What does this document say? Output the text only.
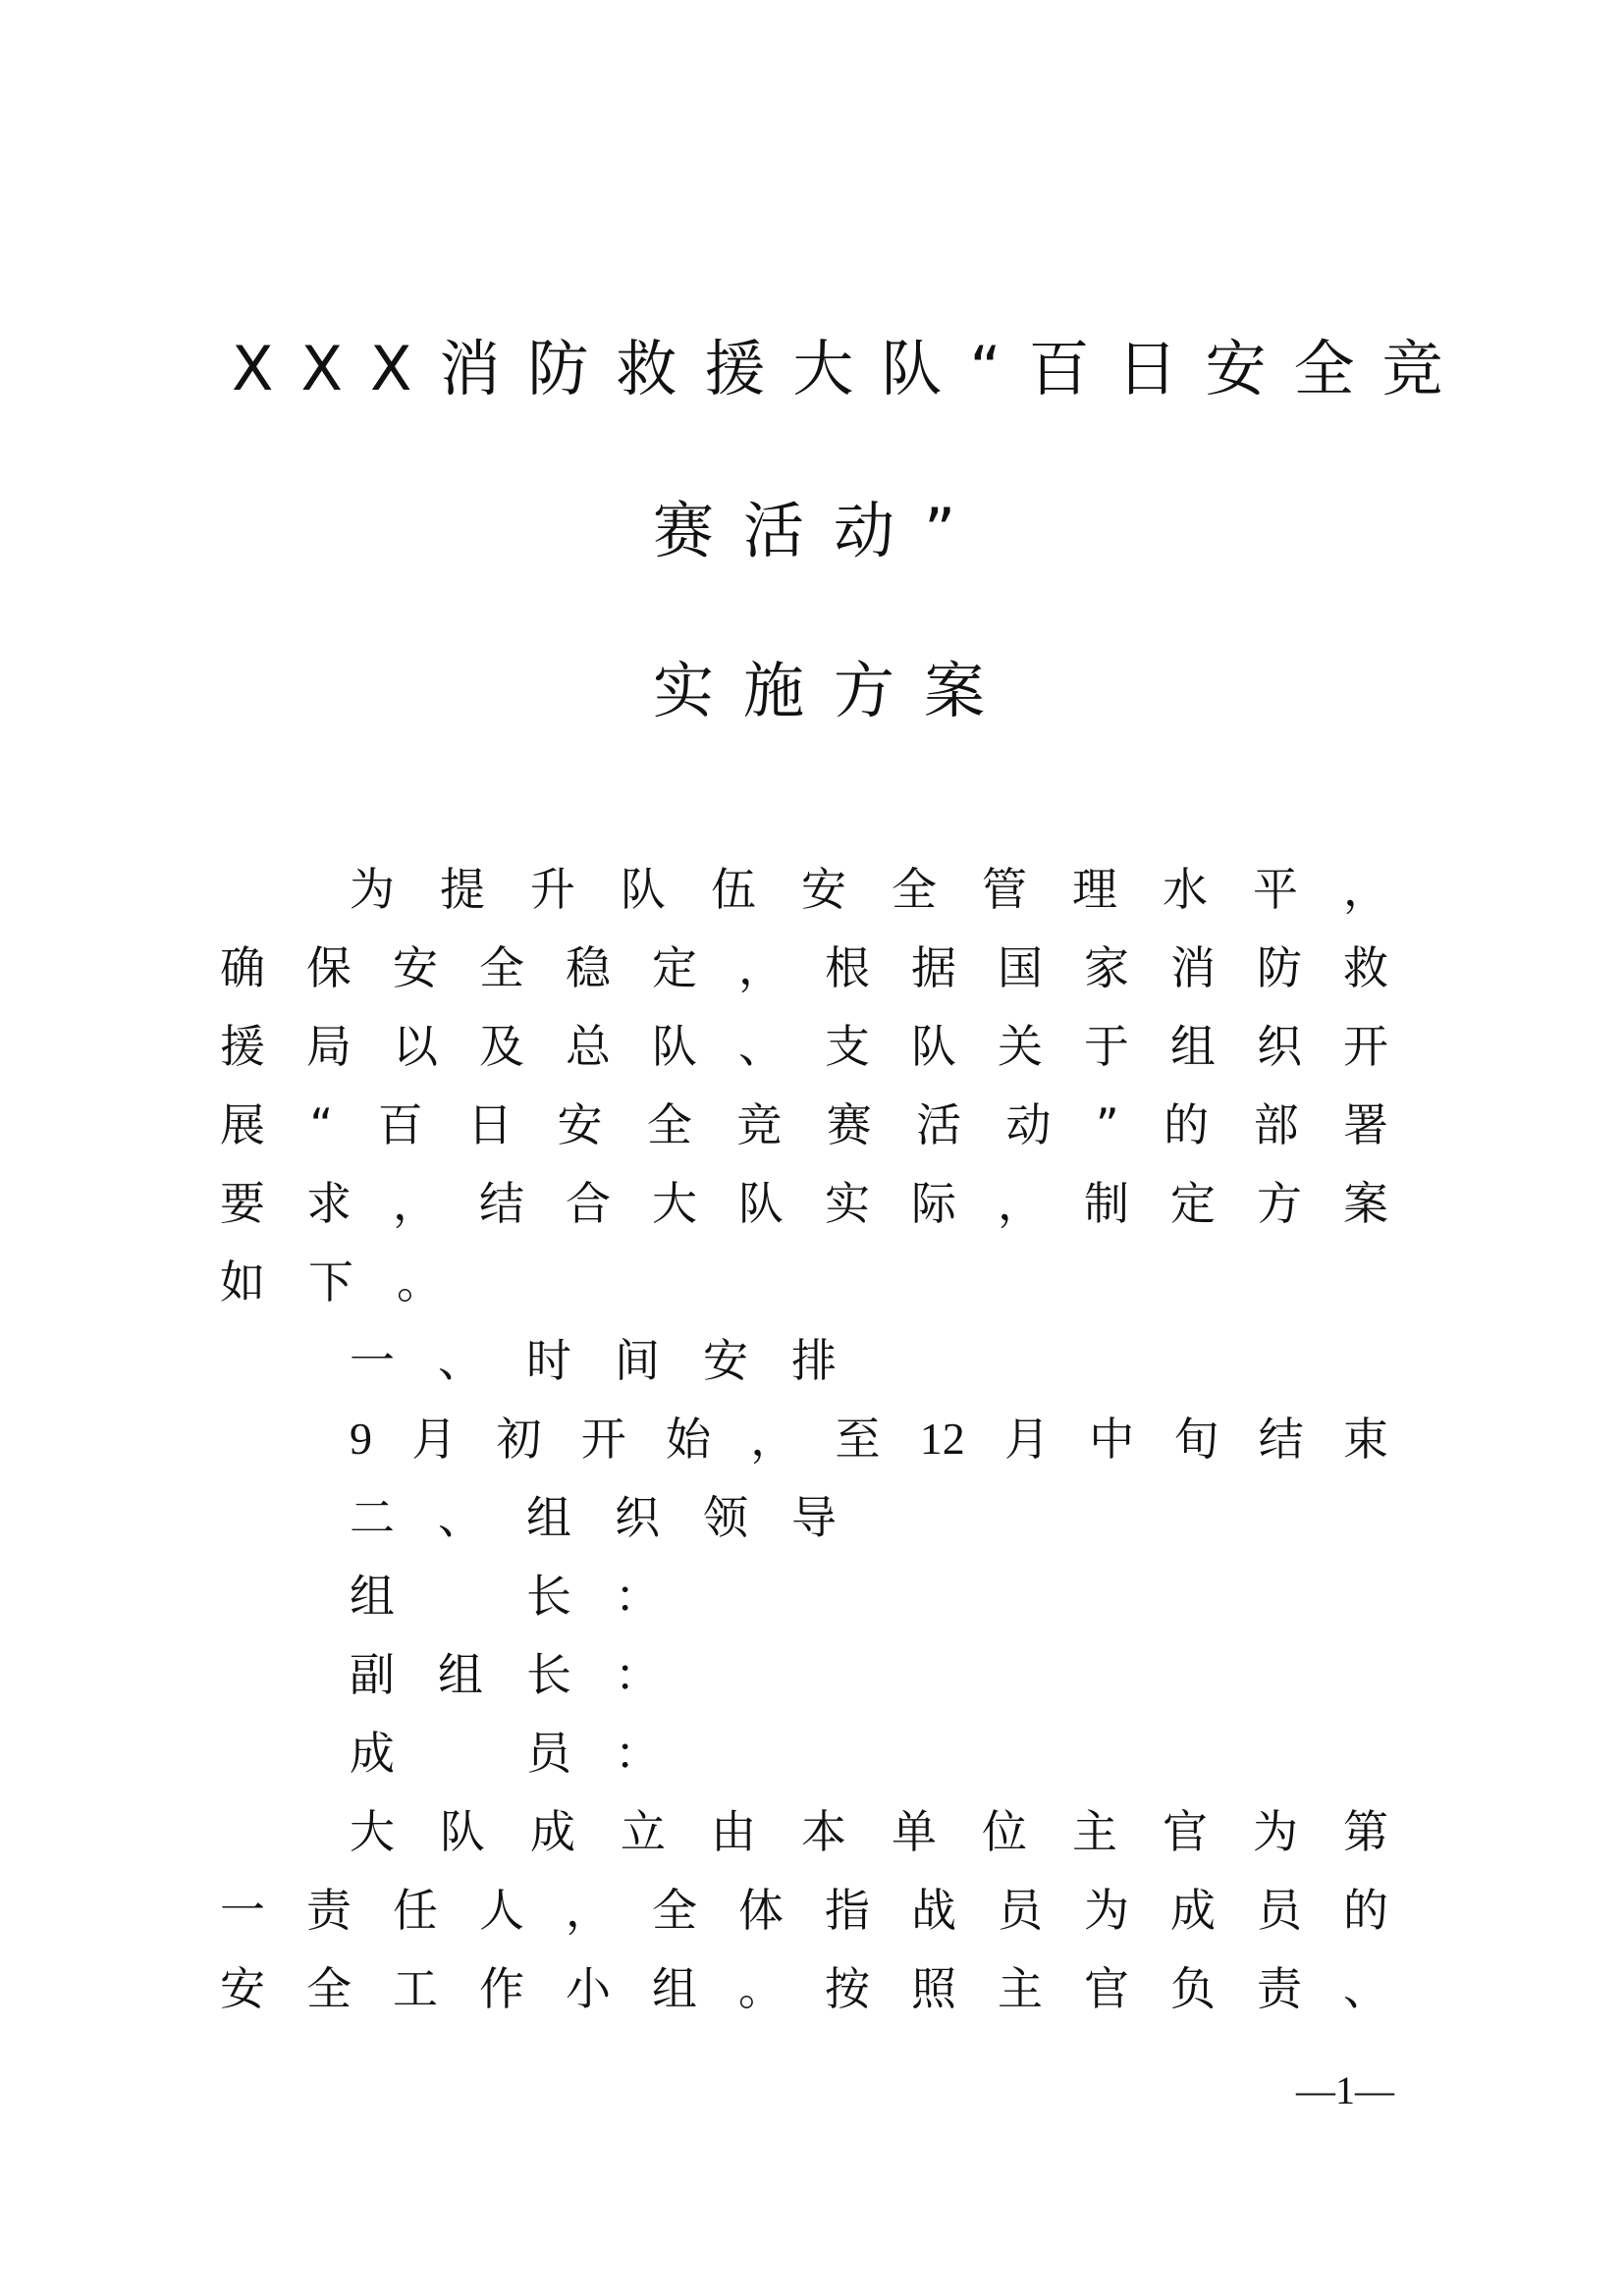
XXX消防救援大队“百日安全竞
赛活动”
实施方案
为 提 升 队 伍 安 全 管 理 水 平 ，
确 保 安 全 稳 定 ， 根 据 国 家 消 防 救
援 局 以 及 总 队 、 支 队 关 于 组 织 开
展 “ 百 日 安 全 竞 赛 活 动 ” 的 部 署
要 求 ， 结 合 大 队 实 际 ， 制 定 方 案
如 下 。
一 、 时 间 安 排
9 月 初 开 始 ， 至 12 月 中 旬 结 束
二 、 组 织 领 导
组
　	长 ：
副 组 长 ：
成
　	员 ：
大 队 成 立 由 本 单 位 主 官 为 第
一 责 任 人 ， 全 体 指 战 员 为 成 员 的
安 全 工 作 小 组 。 按 照 主 官 负 责 、
—1—
